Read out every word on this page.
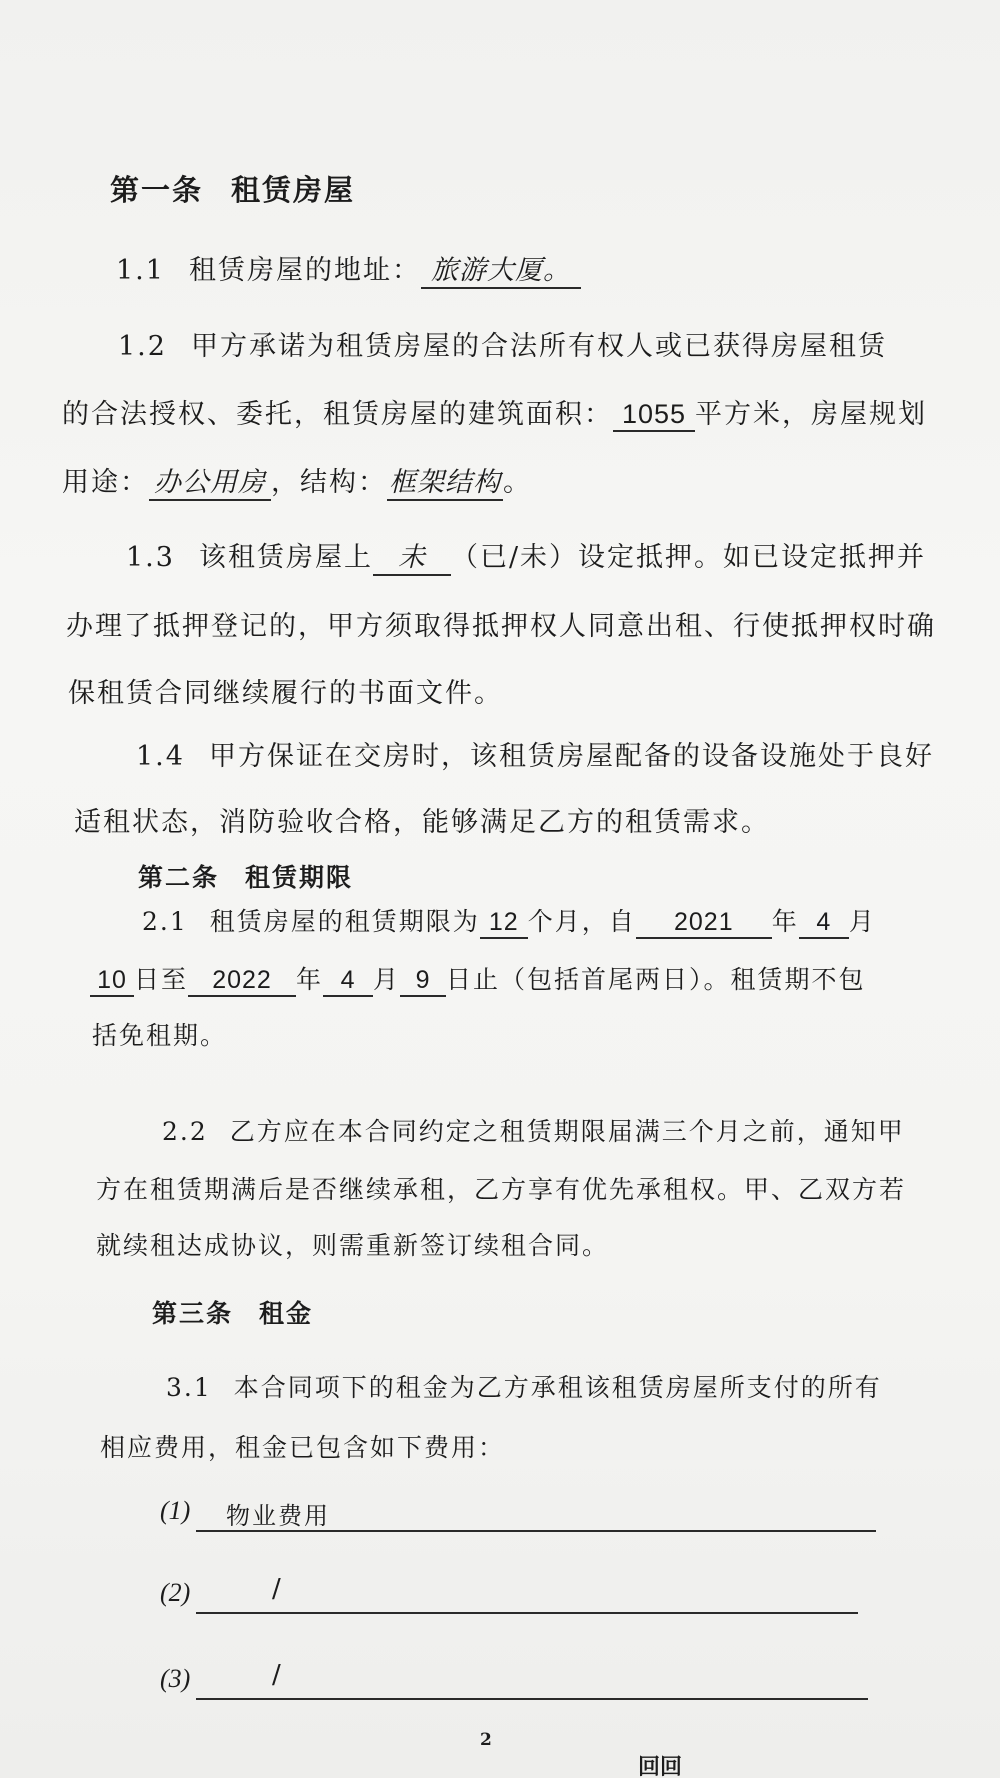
第一条 租赁房屋
1.1 租赁房屋的地址： 旅游大厦。
1.2 甲方承诺为租赁房屋的合法所有权人或已获得房屋租赁
的合法授权、委托，租赁房屋的建筑面积： 1055 平方米，房屋规划
用途： 办公用房 ，结构：框架结构。
1.3 该租赁房屋上 未 （已/未）设定抵押。如已设定抵押并
办理了抵押登记的，甲方须取得抵押权人同意出租、行使抵押权时确
保租赁合同继续履行的书面文件。
1.4 甲方保证在交房时，该租赁房屋配备的设备设施处于良好
适租状态，消防验收合格，能够满足乙方的租赁需求。
第二条 租赁期限
2.1 租赁房屋的租赁期限为 12 个月，自 2021 年 4 月
10 日至 2022 年 4 月 9 日止（包括首尾两日）。租赁期不包
括免租期。
2.2 乙方应在本合同约定之租赁期限届满三个月之前，通知甲
方在租赁期满后是否继续承租，乙方享有优先承租权。甲、乙双方若
就续租达成协议，则需重新签订续租合同。
第三条 租金
3.1 本合同项下的租金为乙方承租该租赁房屋所支付的所有
相应费用，租金已包含如下费用：
(1) 物业费用
(2)	/
(3)	/
2
回回
